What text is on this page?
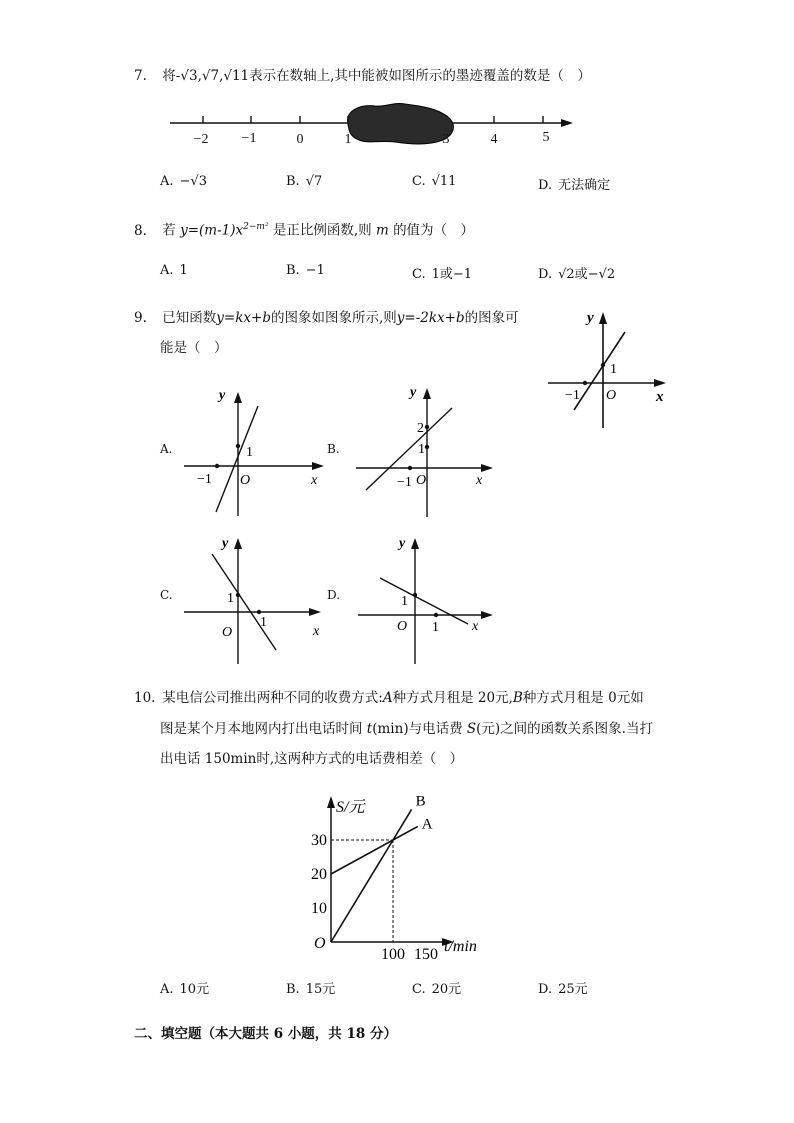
7. 将-√3,√7,√11表示在数轴上,其中能被如图所示的墨迹覆盖的数是（　）
−2 −1	0	1	3	4	5
A. −√3	B. √7	C. √11	D. 无法确定
8. 若 $y=(m-1)x^{2-m^2}$ 是正比例函数,则 m 的值为（　）
A. 1	B. −1	C. 1或−1	D. √2或−√2
9. 已知函数y=kx+b的图象如图象所示,则y=-2kx+b的图象可
能是（　）
y
x
O
1
−1
A.
y
x
O
1
−1
B.
y
x
O
2
1
−1
C.
y
x
O
1
1
D.
y
x
O
1
1
10. 某电信公司推出两种不同的收费方式:A种方式月租是 20元,B种方式月租是 0元如
图是某个月本地网内打出电话时间 t(min)与电话费 S(元)之间的函数关系图象.当打
出电话 150min时,这两种方式的电话费相差（　）
10
20
30
100 150
A
B
S/元
t/min
O
A. 10元	B. 15元	C. 20元	D. 25元
二、填空题（本大题共 6 小题，共 18 分）
